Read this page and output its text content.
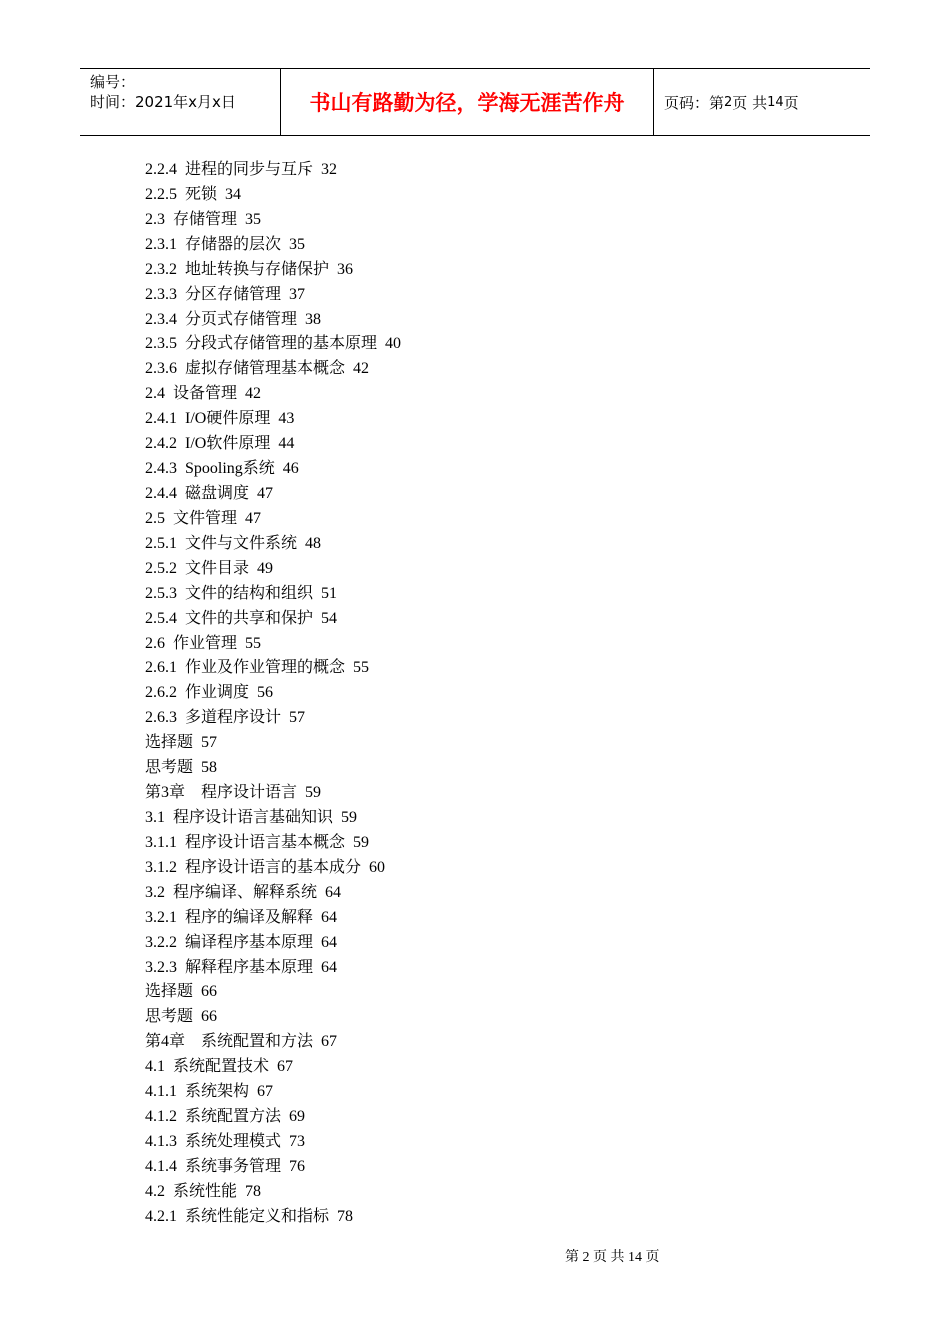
编号：
时间：2021年x月x日	书山有路勤为径，学海无涯苦作舟	页码：第 2 页 共 14 页
2.2.4  进程的同步与互斥  32
2.2.5  死锁  34
2.3  存储管理  35
2.3.1  存储器的层次  35
2.3.2  地址转换与存储保护  36
2.3.3  分区存储管理  37
2.3.4  分页式存储管理  38
2.3.5  分段式存储管理的基本原理  40
2.3.6  虚拟存储管理基本概念  42
2.4  设备管理  42
2.4.1  I/O硬件原理  43
2.4.2  I/O软件原理  44
2.4.3  Spooling系统  46
2.4.4  磁盘调度  47
2.5  文件管理  47
2.5.1  文件与文件系统  48
2.5.2  文件目录  49
2.5.3  文件的结构和组织  51
2.5.4  文件的共享和保护  54
2.6  作业管理  55
2.6.1  作业及作业管理的概念  55
2.6.2  作业调度  56
2.6.3  多道程序设计  57
选择题  57
思考题  58
第3章    程序设计语言  59
3.1  程序设计语言基础知识  59
3.1.1  程序设计语言基本概念  59
3.1.2  程序设计语言的基本成分  60
3.2  程序编译、解释系统  64
3.2.1  程序的编译及解释  64
3.2.2  编译程序基本原理  64
3.2.3  解释程序基本原理  64
选择题  66
思考题  66
第4章    系统配置和方法  67
4.1  系统配置技术  67
4.1.1  系统架构  67
4.1.2  系统配置方法  69
4.1.3  系统处理模式  73
4.1.4  系统事务管理  76
4.2  系统性能  78
4.2.1  系统性能定义和指标  78
第 2 页 共 14 页
